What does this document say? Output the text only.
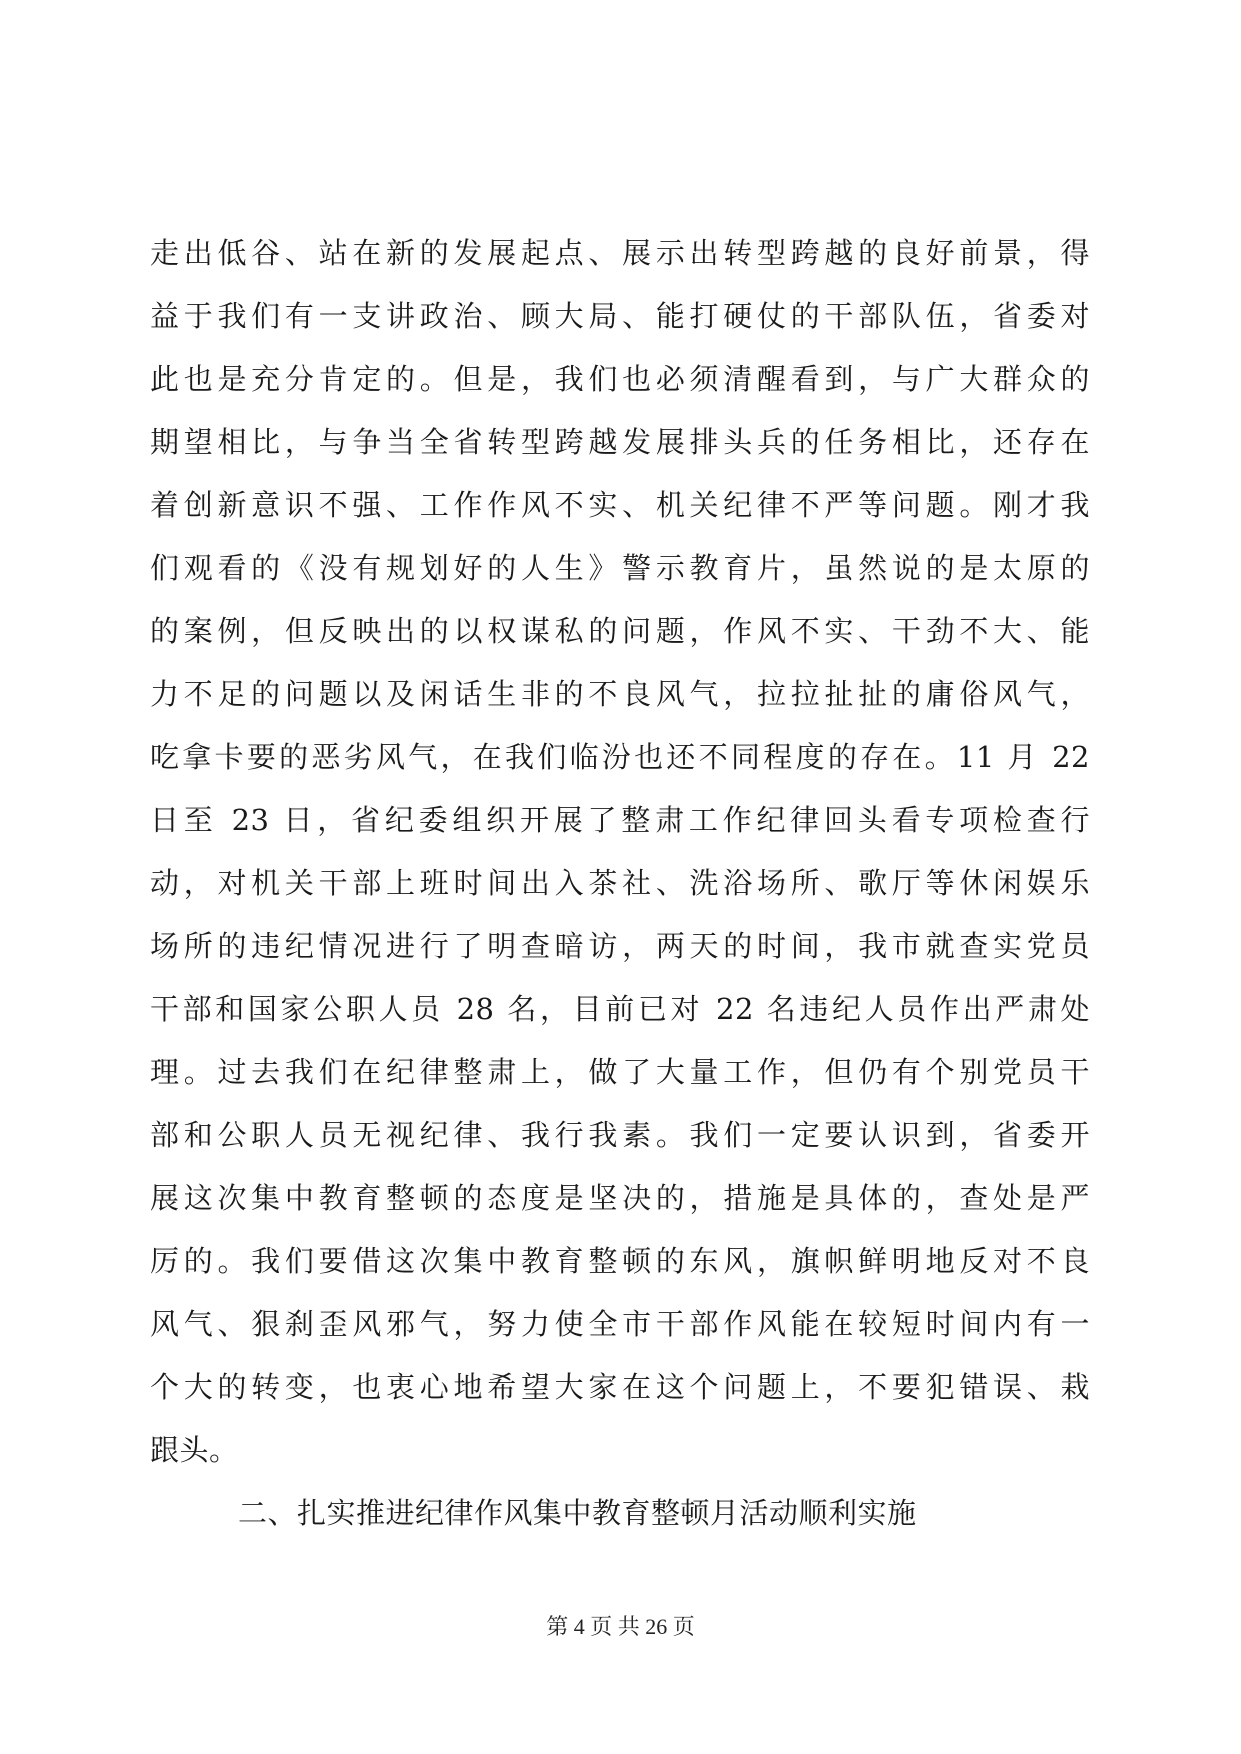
走出低谷、站在新的发展起点、展示出转型跨越的良好前景，得
益于我们有一支讲政治、顾大局、能打硬仗的干部队伍，省委对
此也是充分肯定的。但是，我们也必须清醒看到，与广大群众的
期望相比，与争当全省转型跨越发展排头兵的任务相比，还存在
着创新意识不强、工作作风不实、机关纪律不严等问题。刚才我
们观看的《没有规划好的人生》警示教育片，虽然说的是太原的
的案例，但反映出的以权谋私的问题，作风不实、干劲不大、能
力不足的问题以及闲话生非的不良风气，拉拉扯扯的庸俗风气，
吃拿卡要的恶劣风气，在我们临汾也还不同程度的存在。11 月 22
日至 23 日，省纪委组织开展了整肃工作纪律回头看专项检查行
动，对机关干部上班时间出入茶社、洗浴场所、歌厅等休闲娱乐
场所的违纪情况进行了明查暗访，两天的时间，我市就查实党员
干部和国家公职人员 28 名，目前已对 22 名违纪人员作出严肃处
理。过去我们在纪律整肃上，做了大量工作，但仍有个别党员干
部和公职人员无视纪律、我行我素。我们一定要认识到，省委开
展这次集中教育整顿的态度是坚决的，措施是具体的，查处是严
厉的。我们要借这次集中教育整顿的东风，旗帜鲜明地反对不良
风气、狠刹歪风邪气，努力使全市干部作风能在较短时间内有一
个大的转变，也衷心地希望大家在这个问题上，不要犯错误、栽
跟头。
二、扎实推进纪律作风集中教育整顿月活动顺利实施
第 4 页 共 26 页
